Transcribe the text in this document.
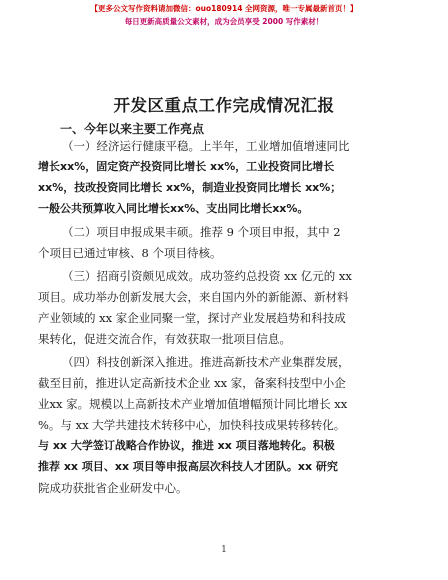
【更多公文写作资料请加微信：ouo180914 全网资源，唯一专属最新首页！】
每日更新高质量公文素材，成为会员享受 2000 写作素材！
开发区重点工作完成情况汇报
一、今年以来主要工作亮点
（一）经济运行健康平稳。上半年，工业增加值增速同比
增长xx%，固定资产投资同比增长 xx%，工业投资同比增长
xx%，技改投资同比增长 xx%，制造业投资同比增长 xx%；
一般公共预算收入同比增长xx%、支出同比增长xx%。
（二）项目申报成果丰硕。推荐 9 个项目申报，其中 2
个项目已通过审核、8 个项目待核。
（三）招商引资颇见成效。成功签约总投资 xx 亿元的 xx
项目。成功举办创新发展大会，来自国内外的新能源、新材料
产业领域的 xx 家企业同聚一堂，探讨产业发展趋势和科技成
果转化，促进交流合作，有效获取一批项目信息。
（四）科技创新深入推进。推进高新技术产业集群发展，
截至目前，推进认定高新技术企业 xx 家，备案科技型中小企
业xx 家。规模以上高新技术产业增加值增幅预计同比增长 xx
%。与 xx 大学共建技术转移中心，加快科技成果转移转化。
与 xx 大学签订战略合作协议，推进 xx 项目落地转化。积极
推荐 xx 项目、xx 项目等申报高层次科技人才团队。xx 研究
院成功获批省企业研发中心。
1
